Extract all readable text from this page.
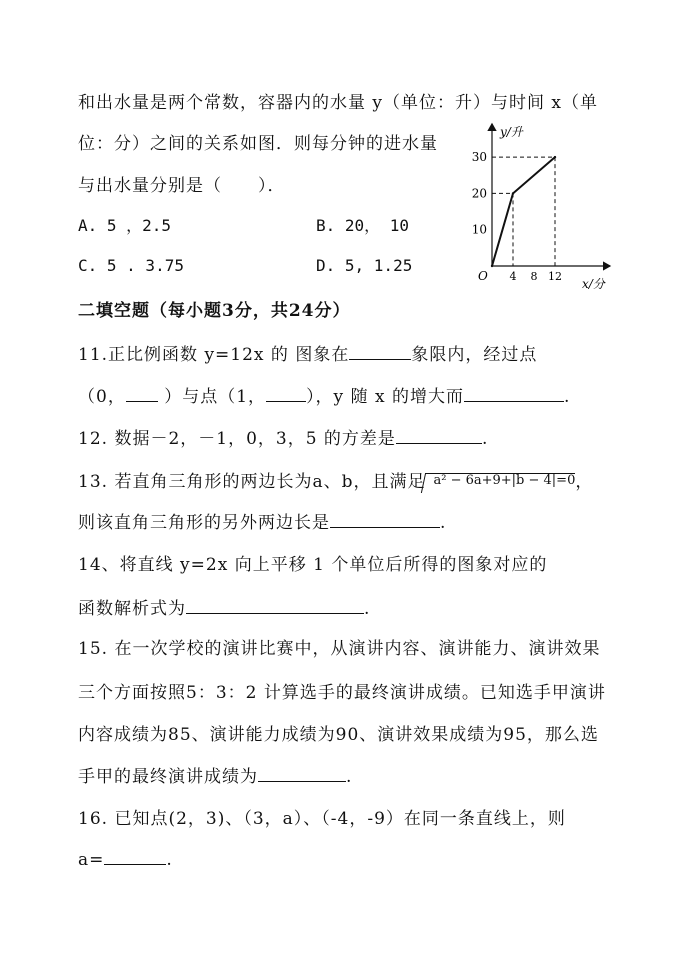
和出水量是两个常数，容器内的水量 y（单位：升）与时间 x（单
位：分）之间的关系如图．则每分钟的进水量
与出水量分别是（　　）．
A. 5 ，2.5	B. 20， 10
C. 5 . 3.75	D. 5, 1.25
4 8 12
10
20
30
O
x/分
y/升
二填空题（每小题3分，共24分）
11.正比例函数 y=12x 的 图象在	象限内，经过点
（0， ）与点（1， ），y 随 x 的增大而	.
12. 数据－2，－1，0，3，5 的方差是	.
13. 若直角三角形的两边长为a、b，且满足 a² − 6a+9+|b − 4|=0，
则该直角三角形的另外两边长是	.
14、将直线 y=2x 向上平移 1 个单位后所得的图象对应的
函数解析式为	.
15. 在一次学校的演讲比赛中，从演讲内容、演讲能力、演讲效果
三个方面按照5：3：2 计算选手的最终演讲成绩。已知选手甲演讲
内容成绩为85、演讲能力成绩为90、演讲效果成绩为95，那么选
手甲的最终演讲成绩为	.
16. 已知点(2，3)、（3，a）、（-4，-9）在同一条直线上，则
a=	.
